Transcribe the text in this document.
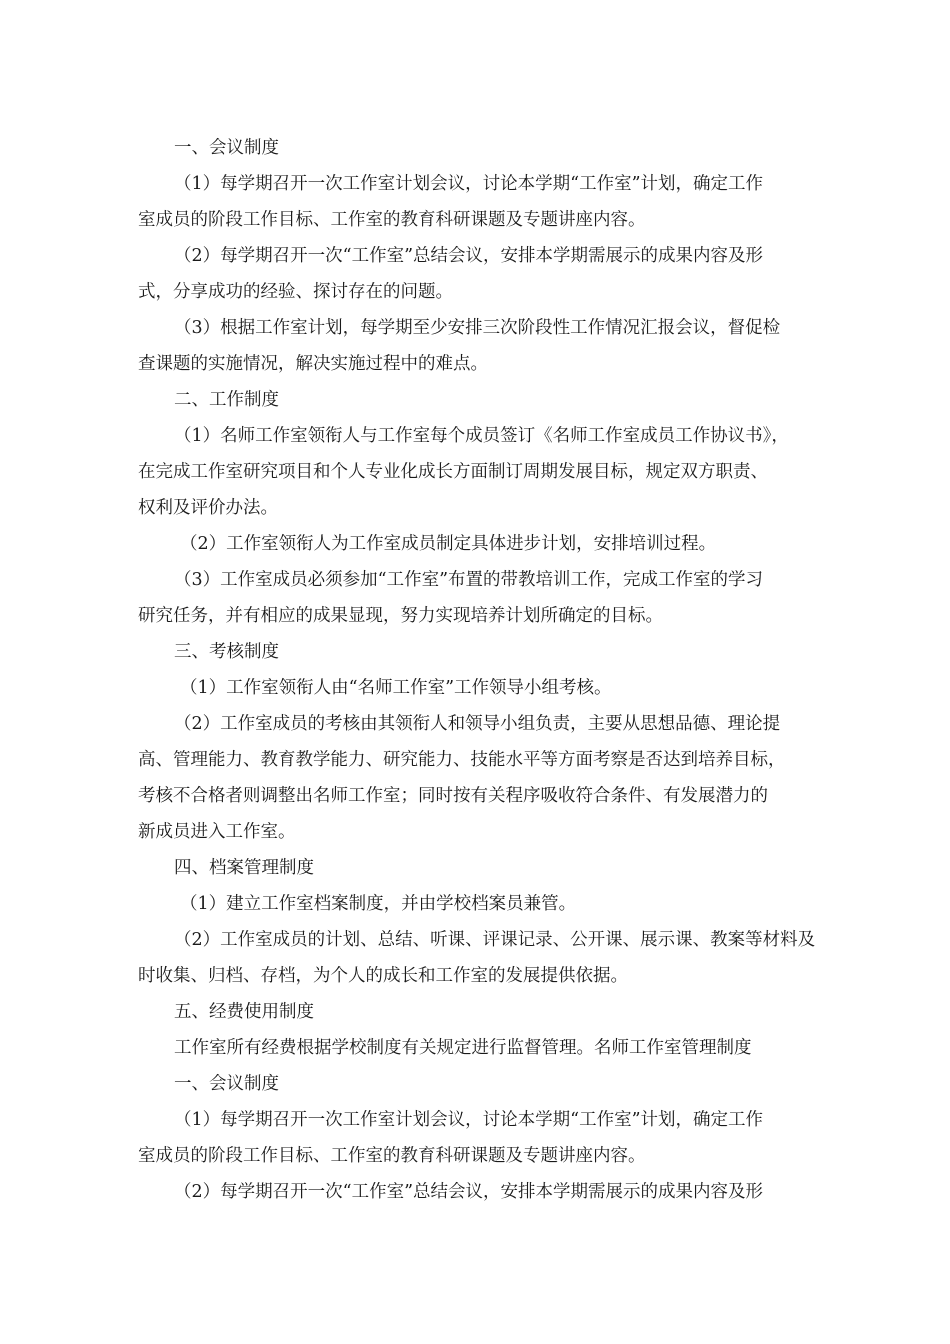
一、会议制度
（1）每学期召开一次工作室计划会议，讨论本学期“工作室”计划，确定工作
室成员的阶段工作目标、工作室的教育科研课题及专题讲座内容。
（2）每学期召开一次“工作室”总结会议，安排本学期需展示的成果内容及形
式，分享成功的经验、探讨存在的问题。
（3）根据工作室计划，每学期至少安排三次阶段性工作情况汇报会议，督促检
查课题的实施情况，解决实施过程中的难点。
二、工作制度
（1）名师工作室领衔人与工作室每个成员签订《名师工作室成员工作协议书》，
在完成工作室研究项目和个人专业化成长方面制订周期发展目标，规定双方职责、
权利及评价办法。
（2）工作室领衔人为工作室成员制定具体进步计划，安排培训过程。
（3）工作室成员必须参加“工作室”布置的带教培训工作，完成工作室的学习
研究任务，并有相应的成果显现，努力实现培养计划所确定的目标。
三、考核制度
（1）工作室领衔人由“名师工作室”工作领导小组考核。
（2）工作室成员的考核由其领衔人和领导小组负责，主要从思想品德、理论提
高、管理能力、教育教学能力、研究能力、技能水平等方面考察是否达到培养目标，
考核不合格者则调整出名师工作室；同时按有关程序吸收符合条件、有发展潜力的
新成员进入工作室。
四、档案管理制度
（1）建立工作室档案制度，并由学校档案员兼管。
（2）工作室成员的计划、总结、听课、评课记录、公开课、展示课、教案等材料及
时收集、归档、存档，为个人的成长和工作室的发展提供依据。
五、经费使用制度
工作室所有经费根据学校制度有关规定进行监督管理。名师工作室管理制度
一、会议制度
（1）每学期召开一次工作室计划会议，讨论本学期“工作室”计划，确定工作
室成员的阶段工作目标、工作室的教育科研课题及专题讲座内容。
（2）每学期召开一次“工作室”总结会议，安排本学期需展示的成果内容及形
